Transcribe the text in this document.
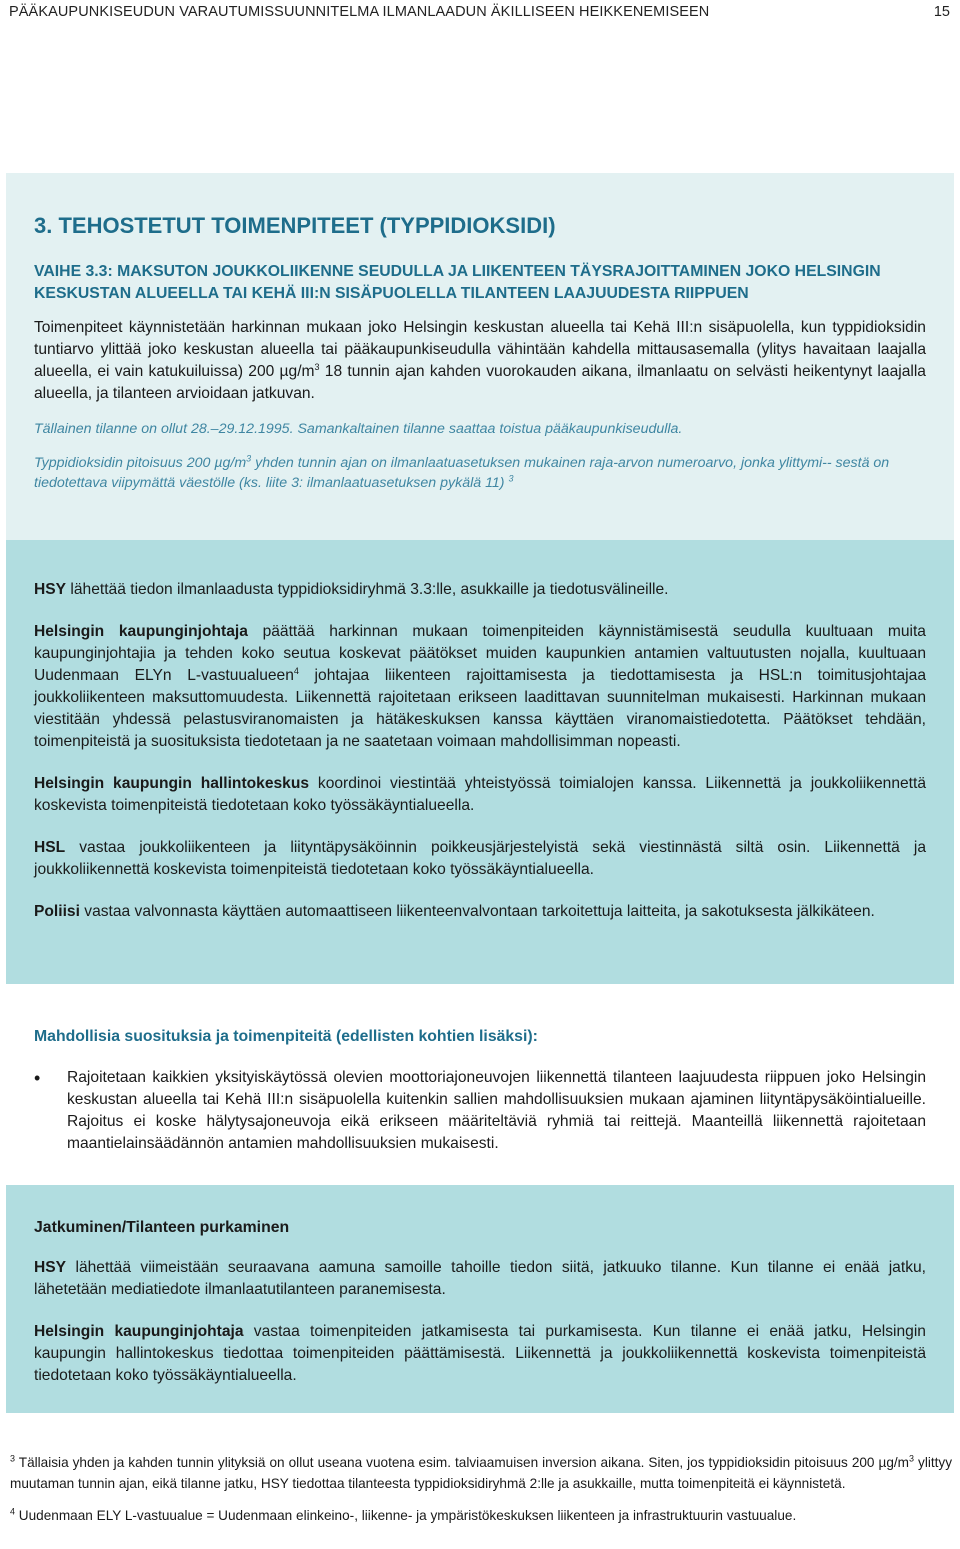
PÄÄKAUPUNKISEUDUN VARAUTUMISSUUNNITELMA ILMANLAADUN ÄKILLISEEN HEIKKENEMISEEN	15
3. TEHOSTETUT TOIMENPITEET (TYPPIDIOKSIDI)
VAIHE 3.3: MAKSUTON JOUKKOLIIKENNE SEUDULLA JA LIIKENTEEN TÄYSRAJOITTAMINEN JOKO HELSINGIN KESKUSTAN ALUEELLA TAI KEHÄ III:N SISÄPUOLELLA TILANTEEN LAAJUUDESTA RIIPPUEN

Toimenpiteet käynnistetään harkinnan mukaan joko Helsingin keskustan alueella tai Kehä III:n sisäpuolella, kun typpidioksidin tuntiarvo ylittää joko keskustan alueella tai pääkaupunkiseudulla vähintään kahdella mittausasemalla (ylitys havaitaan laajalla alueella, ei vain katukuiluissa) 200 $\mu g/m^3$ 18 tunnin ajan kahden vuorokauden aikana, ilmanlaatu on selvästi heikentynyt laajalla alueella, ja tilanteen arvioidaan jatkuvan.

Tällainen tilanne on ollut 28.–29.12.1995. Samankaltainen tilanne saattaa toistua pääkaupunkiseudulla.

Typpidioksidin pitoisuus 200 $\mu g/m^3$ yhden tunnin ajan on ilmanlaatuasetuksen mukainen raja-arvon numeroarvo, jonka ylittymi-- sestä on tiedotettava viipymättä väestölle (ks. liite 3: ilmanlaatuasetuksen pykälä 11) $^3$

HSY lähettää tiedon ilmanlaadusta typpidioksidiryhmä 3.3:lle, asukkaille ja tiedotusvälineille.

Helsingin kaupunginjohtaja päättää harkinnan mukaan toimenpiteiden käynnistämisestä seudulla kuultuaan muita kaupunginjohtajia ja tehden koko seutua koskevat päätökset muiden kaupunkien antamien valtuutusten nojalla, kuultuaan Uudenmaan ELYn L-vastuualueen$^4$ johtajaa liikenteen rajoittamisesta ja tiedottamisesta ja HSL:n toimitusjohtajaa joukkoliikenteen maksuttomuudesta. Liikennettä rajoitetaan erikseen laadittavan suunnitelman mukaisesti. Harkinnan mukaan viestitään yhdessä pelastusviranomaisten ja hätäkeskuksen kanssa käyttäen viranomaistiedotetta. Päätökset tehdään, toimenpiteistä ja suosituksista tiedotetaan ja ne saatetaan voimaan mahdollisimman nopeasti.

Helsingin kaupungin hallintokeskus koordinoi viestintää yhteistyössä toimialojen kanssa. Liikennettä ja joukkoliikennettä koskevista toimenpiteistä tiedotetaan koko työssäkäyntialueella.

HSL vastaa joukkoliikenteen ja liityntäpysäköinnin poikkeusjärjestelyistä sekä viestinnästä siltä osin. Liikennettä ja joukkoliikennettä koskevista toimenpiteistä tiedotetaan koko työssäkäyntialueella.

Poliisi vastaa valvonnasta käyttäen automaattiseen liikenteenvalvontaan tarkoitettuja laitteita, ja sakotuksesta jälkikäteen.

Mahdollisia suosituksia ja toimenpiteitä (edellisten kohtien lisäksi):
•	Rajoitetaan kaikkien yksityiskäytössä olevien moottoriajoneuvojen liikennettä tilanteen laajuudesta riippuen joko Helsingin keskustan alueella tai Kehä III:n sisäpuolella kuitenkin sallien mahdollisuuksien mukaan ajaminen liityntäpysäköintialueille. Rajoitus ei koske hälytysajoneuvoja eikä erikseen määriteltäviä ryhmiä tai reittejä. Maanteillä liikennettä rajoitetaan maantielainsäädännön antamien mahdollisuuksien mukaisesti.
Jatkuminen/Tilanteen purkaminen

HSY lähettää viimeistään seuraavana aamuna samoille tahoille tiedon siitä, jatkuuko tilanne. Kun tilanne ei enää jatku, lähetetään mediatiedote ilmanlaatutilanteen paranemisesta.

Helsingin kaupunginjohtaja vastaa toimenpiteiden jatkamisesta tai purkamisesta. Kun tilanne ei enää jatku, Helsingin kaupungin hallintokeskus tiedottaa toimenpiteiden päättämisestä. Liikennettä ja joukkoliikennettä koskevista toimenpiteistä tiedotetaan koko työssäkäyntialueella.

$^3$ Tällaisia yhden ja kahden tunnin ylityksiä on ollut useana vuotena esim. talviaamuisen inversion aikana. Siten, jos typpidioksidin pitoisuus 200 $\mu g/m^3$ ylittyy muutaman tunnin ajan, eikä tilanne jatku, HSY tiedottaa tilanteesta typpidioksidiryhmä 2:lle ja asukkaille, mutta toimenpiteitä ei käynnistetä.

$^4$ Uudenmaan ELY L-vastuualue = Uudenmaan elinkeino-, liikenne- ja ympäristökeskuksen liikenteen ja infrastruktuurin vastuualue.
